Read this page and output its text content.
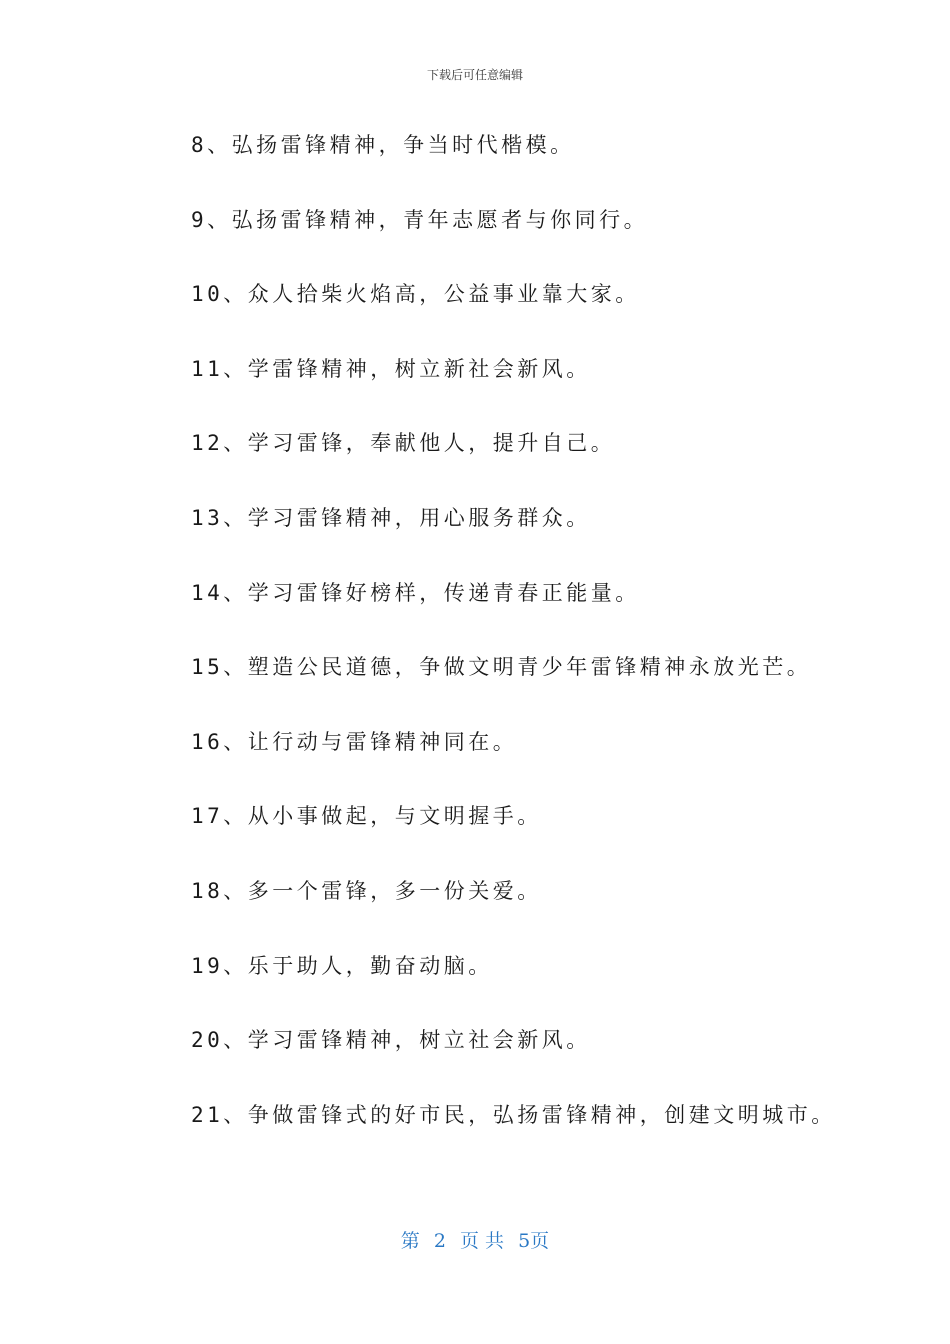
下载后可任意编辑
8、弘扬雷锋精神，争当时代楷模。
9、弘扬雷锋精神，青年志愿者与你同行。
10、众人拾柴火焰高，公益事业靠大家。
11、学雷锋精神，树立新社会新风。
12、学习雷锋，奉献他人，提升自己。
13、学习雷锋精神，用心服务群众。
14、学习雷锋好榜样，传递青春正能量。
15、塑造公民道德，争做文明青少年雷锋精神永放光芒。
16、让行动与雷锋精神同在。
17、从小事做起，与文明握手。
18、多一个雷锋，多一份关爱。
19、乐于助人，勤奋动脑。
20、学习雷锋精神，树立社会新风。
21、争做雷锋式的好市民，弘扬雷锋精神，创建文明城市。
第 2 页 共 5页
